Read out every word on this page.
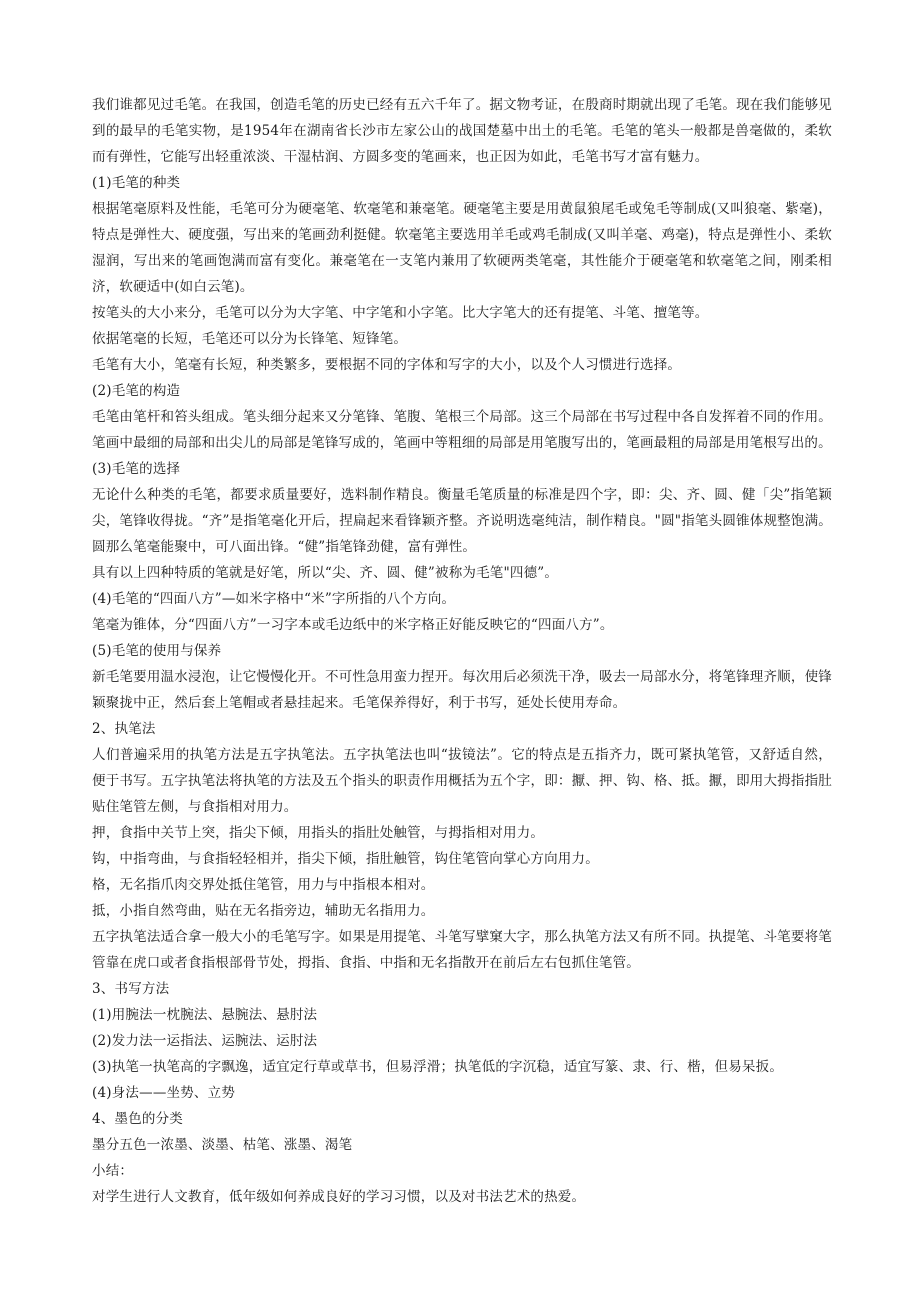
我们谁都见过毛笔。在我国，创造毛笔的历史已经有五六千年了。据文物考证，在殷商时期就出现了毛笔。现在我们能够见到的最早的毛笔实物，是1954年在湖南省长沙市左家公山的战国楚墓中出土的毛笔。毛笔的笔头一般都是兽毫做的，柔软而有弹性，它能写出轻重浓淡、干湿枯润、方圆多变的笔画来，也正因为如此，毛笔书写才富有魅力。

(1)毛笔的种类

根据笔毫原料及性能，毛笔可分为硬毫笔、软毫笔和兼毫笔。硬毫笔主要是用黄鼠狼尾毛或兔毛等制成(又叫狼毫、紫毫)，特点是弹性大、硬度强，写出来的笔画劲利挺健。软毫笔主要选用羊毛或鸡毛制成(又叫羊毫、鸡毫)，特点是弹性小、柔软湿润，写出来的笔画饱满而富有变化。兼毫笔在一支笔内兼用了软硬两类笔毫，其性能介于硬毫笔和软毫笔之间，刚柔相济，软硬适中(如白云笔)。

按笔头的大小来分，毛笔可以分为大字笔、中字笔和小字笔。比大字笔大的还有提笔、斗笔、擅笔等。

依据笔毫的长短，毛笔还可以分为长锋笔、短锋笔。

毛笔有大小，笔毫有长短，种类繁多，要根据不同的字体和写字的大小，以及个人习惯进行选择。

(2)毛笔的构造

毛笔由笔杆和笞头组成。笔头细分起来又分笔锋、笔腹、笔根三个局部。这三个局部在书写过程中各自发挥着不同的作用。笔画中最细的局部和出尖儿的局部是笔锋写成的，笔画中等粗细的局部是用笔腹写出的，笔画最粗的局部是用笔根写出的。

(3)毛笔的选择

无论什么种类的毛笔，都要求质量要好，选料制作精良。衡量毛笔质量的标准是四个字，即：尖、齐、圆、健「尖”指笔颖尖，笔锋收得拢。“齐”是指笔毫化开后，捏扁起来看锋颖齐整。齐说明选毫纯洁，制作精良。"圆"指笔头圆锥体规整饱满。圆那么笔毫能聚中，可八面出锋。“健”指笔锋劲健，富有弹性。

具有以上四种特质的笔就是好笔，所以“尖、齐、圆、健”被称为毛笔"四德”。

(4)毛笔的“四面八方”—如米字格中“米”字所指的八个方向。

笔毫为锥体，分“四面八方”一习字本或毛边纸中的米字格正好能反映它的“四面八方”。

(5)毛笔的使用与保养

新毛笔要用温水浸泡，让它慢慢化开。不可性急用蛮力捏开。每次用后必须洗干净，吸去一局部水分，将笔锋理齐顺，使锋颖聚拢中正，然后套上笔帽或者悬挂起来。毛笔保养得好，利于书写，延处长使用寿命。

2、执笔法

人们普遍采用的执笔方法是五字执笔法。五字执笔法也叫“拔镜法”。它的特点是五指齐力，既可紧执笔管，又舒适自然，便于书写。五字执笔法将执笔的方法及五个指头的职责作用概括为五个字，即：擫、押、钩、格、抵。擫，即用大拇指指肚贴住笔管左侧，与食指相对用力。

押，食指中关节上突，指尖下倾，用指头的指肚处触管，与拇指相对用力。

钩，中指弯曲，与食指轻轻相并，指尖下倾，指肚触管，钩住笔管向掌心方向用力。

格，无名指爪肉交界处抵住笔管，用力与中指根本相对。

抵，小指自然弯曲，贴在无名指旁边，辅助无名指用力。

五字执笔法适合拿一般大小的毛笔写字。如果是用提笔、斗笔写擘窠大字，那么执笔方法又有所不同。执提笔、斗笔要将笔管靠在虎口或者食指根部骨节处，拇指、食指、中指和无名指散开在前后左右包抓住笔管。

3、书写方法

(1)用腕法一枕腕法、悬腕法、悬肘法

(2)发力法一运指法、运腕法、运肘法

(3)执笔一执笔高的字飘逸，适宜定行草或草书，但易浮滑；执笔低的字沉稳，适宜写篆、隶、行、楷，但易呆扳。

(4)身法——坐势、立势

4、墨色的分类

墨分五色一浓墨、淡墨、枯笔、涨墨、渴笔

小结：

对学生进行人文教育，低年级如何养成良好的学习习惯，以及对书法艺术的热爱。
